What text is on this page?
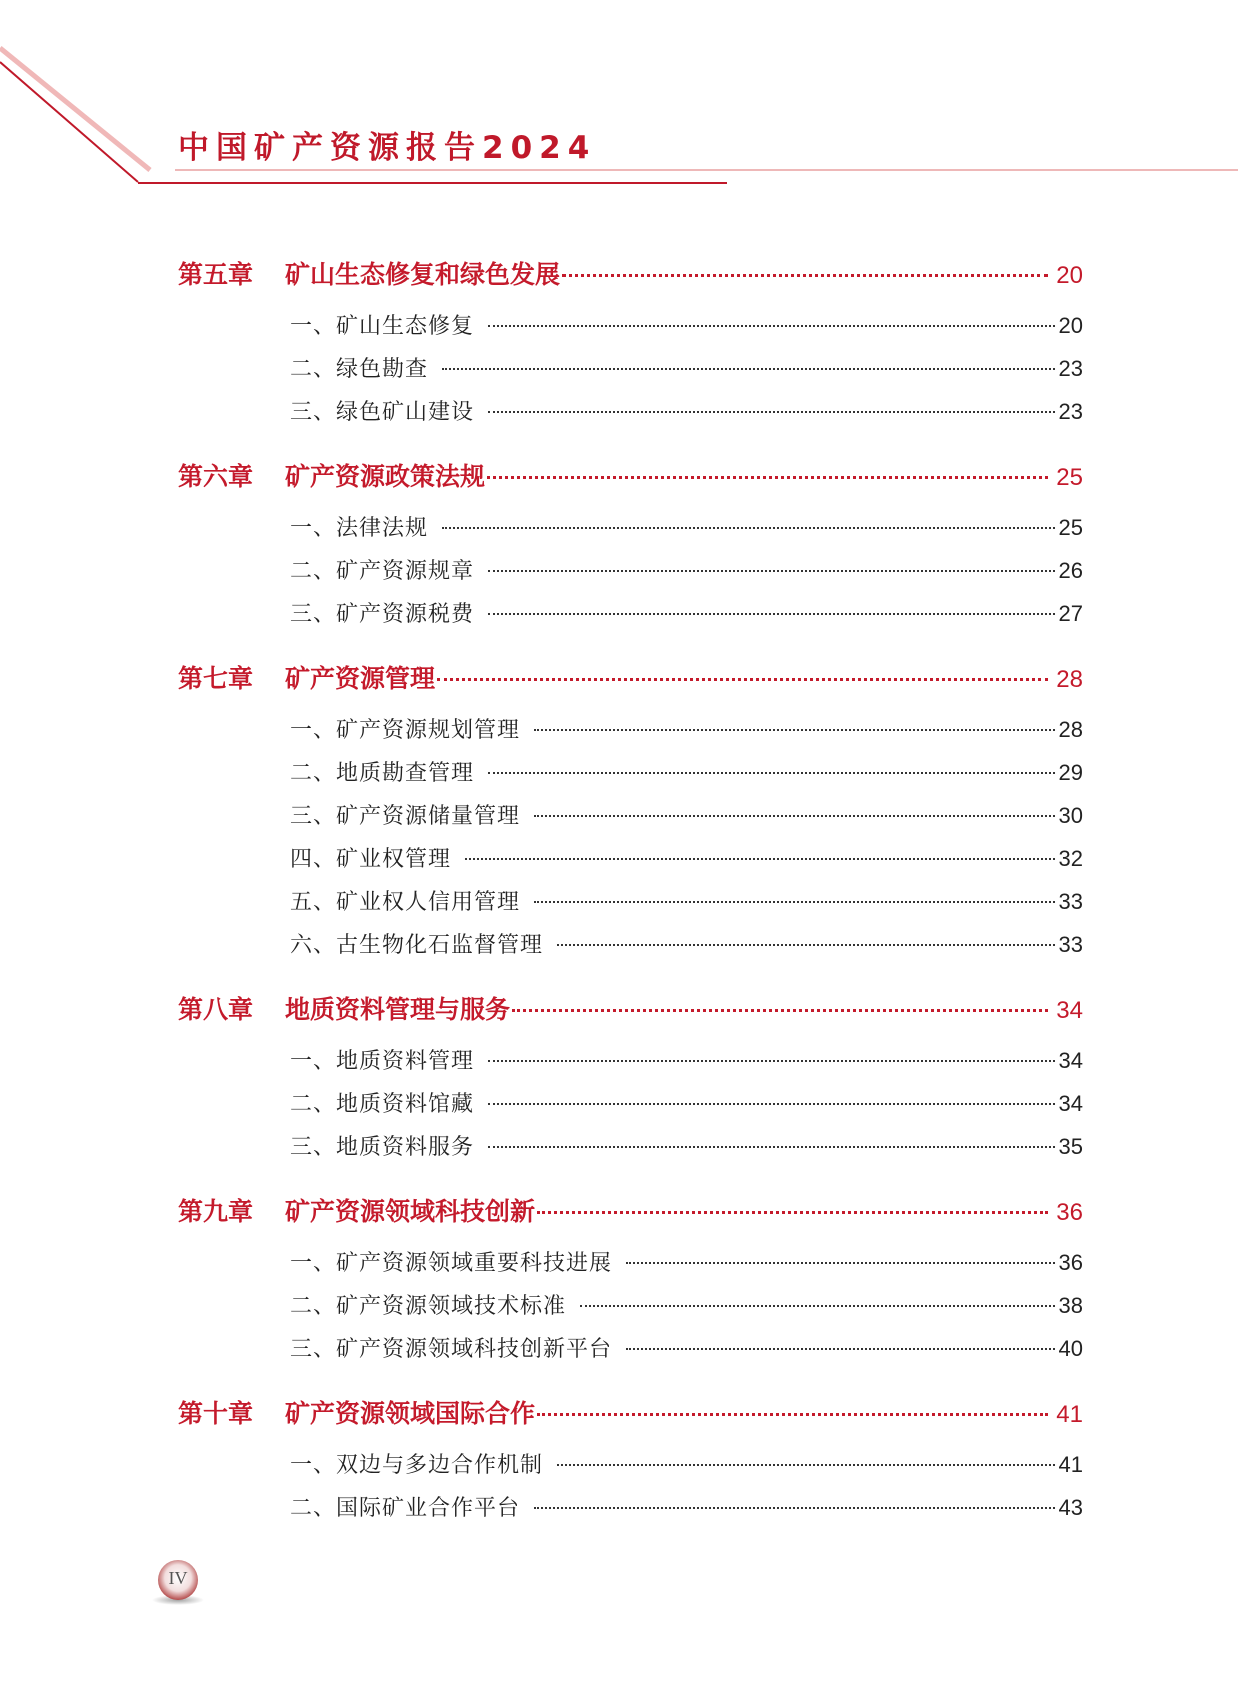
中国矿产资源报告2024
第五章	矿山生态修复和绿色发展	20
一、矿山生态修复	20
二、绿色勘查	23
三、绿色矿山建设	23
第六章	矿产资源政策法规	25
一、法律法规	25
二、矿产资源规章	26
三、矿产资源税费	27
第七章	矿产资源管理	28
一、矿产资源规划管理	28
二、地质勘查管理	29
三、矿产资源储量管理	30
四、矿业权管理	32
五、矿业权人信用管理	33
六、古生物化石监督管理	33
第八章	地质资料管理与服务	34
一、地质资料管理	34
二、地质资料馆藏	34
三、地质资料服务	35
第九章	矿产资源领域科技创新	36
一、矿产资源领域重要科技进展	36
二、矿产资源领域技术标准	38
三、矿产资源领域科技创新平台	40
第十章	矿产资源领域国际合作	41
一、双边与多边合作机制	41
二、国际矿业合作平台	43
IV
